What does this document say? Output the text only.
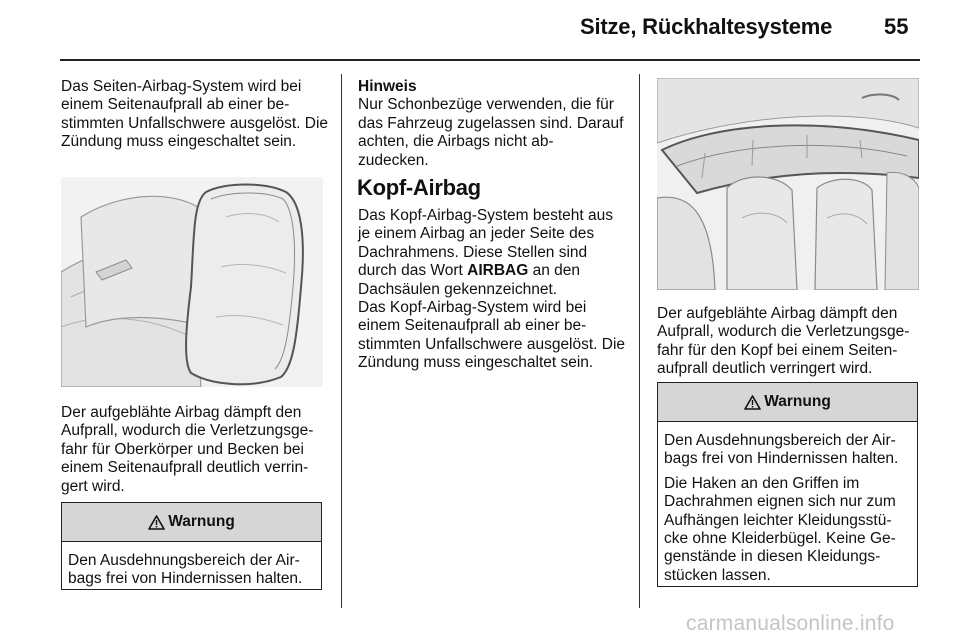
Sitze, Rückhaltesysteme 55

Das Seiten-Airbag-System wird bei einem Seitenaufprall ab einer be- stimmten Unfallschwere ausgelöst. Die Zündung muss eingeschaltet sein.

Der aufgeblähte Airbag dämpft den Aufprall, wodurch die Verletzungsge- fahr für Oberkörper und Becken bei einem Seitenaufprall deutlich verrin- gert wird.

Warnung

Den Ausdehnungsbereich der Air- bags frei von Hindernissen halten.

Hinweis

Nur Schonbezüge verwenden, die für das Fahrzeug zugelassen sind. Darauf achten, die Airbags nicht ab- zudecken.

Kopf-Airbag

Das Kopf-Airbag-System besteht aus je einem Airbag an jeder Seite des Dachrahmens. Diese Stellen sind durch das Wort AIRBAG an den Dachsäulen gekennzeichnet.

Das Kopf-Airbag-System wird bei einem Seitenaufprall ab einer be- stimmten Unfallschwere ausgelöst. Die Zündung muss eingeschaltet sein.

Der aufgeblähte Airbag dämpft den Aufprall, wodurch die Verletzungsge- fahr für den Kopf bei einem Seiten- aufprall deutlich verringert wird.

Warnung

Den Ausdehnungsbereich der Air- bags frei von Hindernissen halten.

Die Haken an den Griffen im Dachrahmen eignen sich nur zum Aufhängen leichter Kleidungsstü- cke ohne Kleiderbügel. Keine Ge- genstände in diesen Kleidungs- stücken lassen.

carmanualsonline.info
